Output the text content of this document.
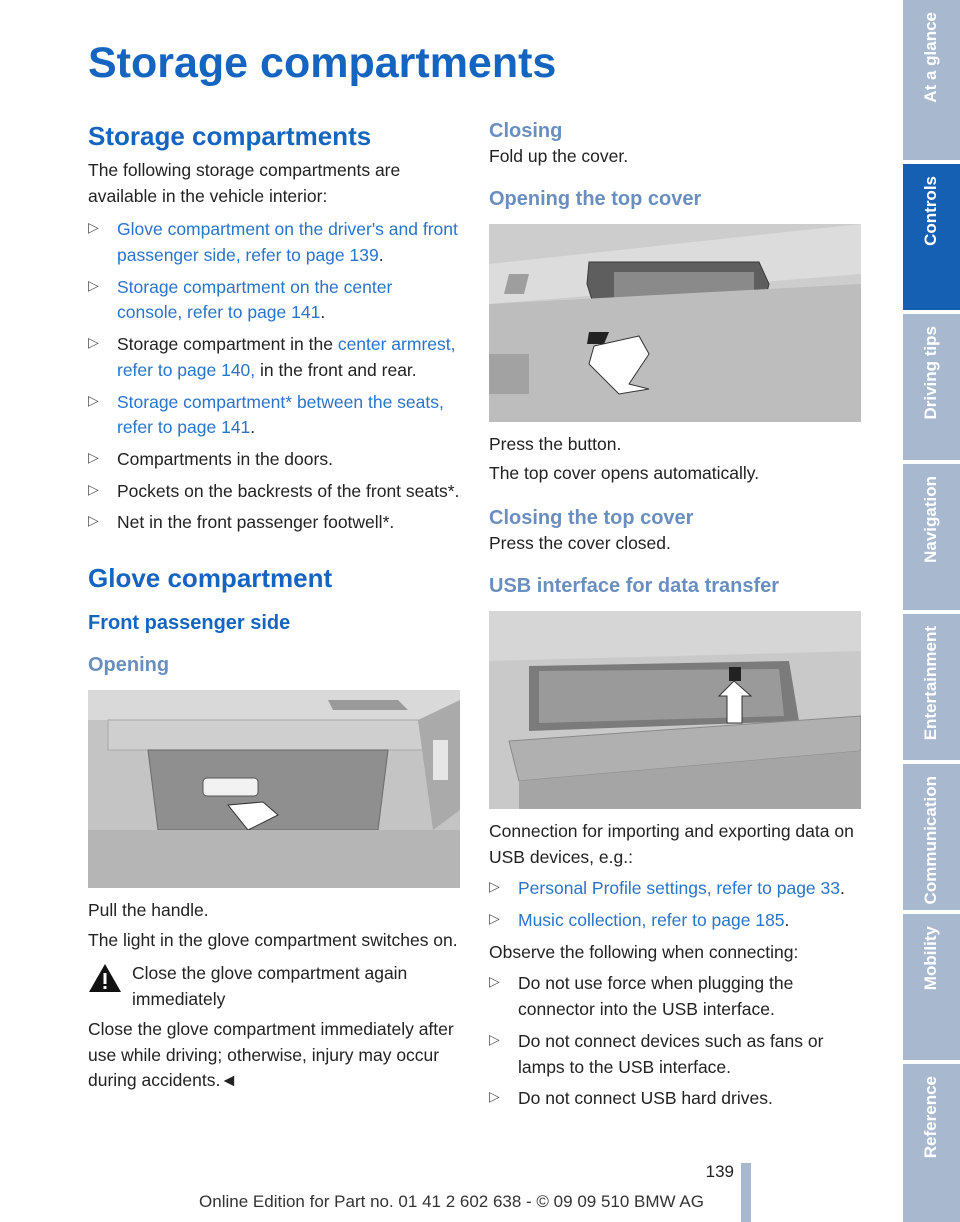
Storage compartments
Storage compartments

The following storage compartments are available in the vehicle interior:

▷ Glove compartment on the driver's and front passenger side, refer to page 139.
▷ Storage compartment on the center console, refer to page 141.
▷ Storage compartment in the center armrest, refer to page 140, in the front and rear.
▷ Storage compartment* between the seats, refer to page 141.
▷ Compartments in the doors.
▷ Pockets on the backrests of the front seats*.
▷ Net in the front passenger footwell*.
Glove compartment
Front passenger side
Opening

Pull the handle.

The light in the glove compartment switches on.

Close the glove compartment again immediately

Close the glove compartment immediately after use while driving; otherwise, injury may occur during accidents.◄

Closing

Fold up the cover.

Opening the top cover

Press the button.

The top cover opens automatically.

Closing the top cover

Press the cover closed.

USB interface for data transfer

Connection for importing and exporting data on USB devices, e.g.:

▷ Personal Profile settings, refer to page 33.
▷ Music collection, refer to page 185.

Observe the following when connecting:

▷ Do not use force when plugging the connector into the USB interface.
▷ Do not connect devices such as fans or lamps to the USB interface.
▷ Do not connect USB hard drives.
At a glance
Controls
Driving tips
Navigation
Entertainment
Communication
Mobility
Reference
139
Online Edition for Part no. 01 41 2 602 638 - © 09 09 510 BMW AG
